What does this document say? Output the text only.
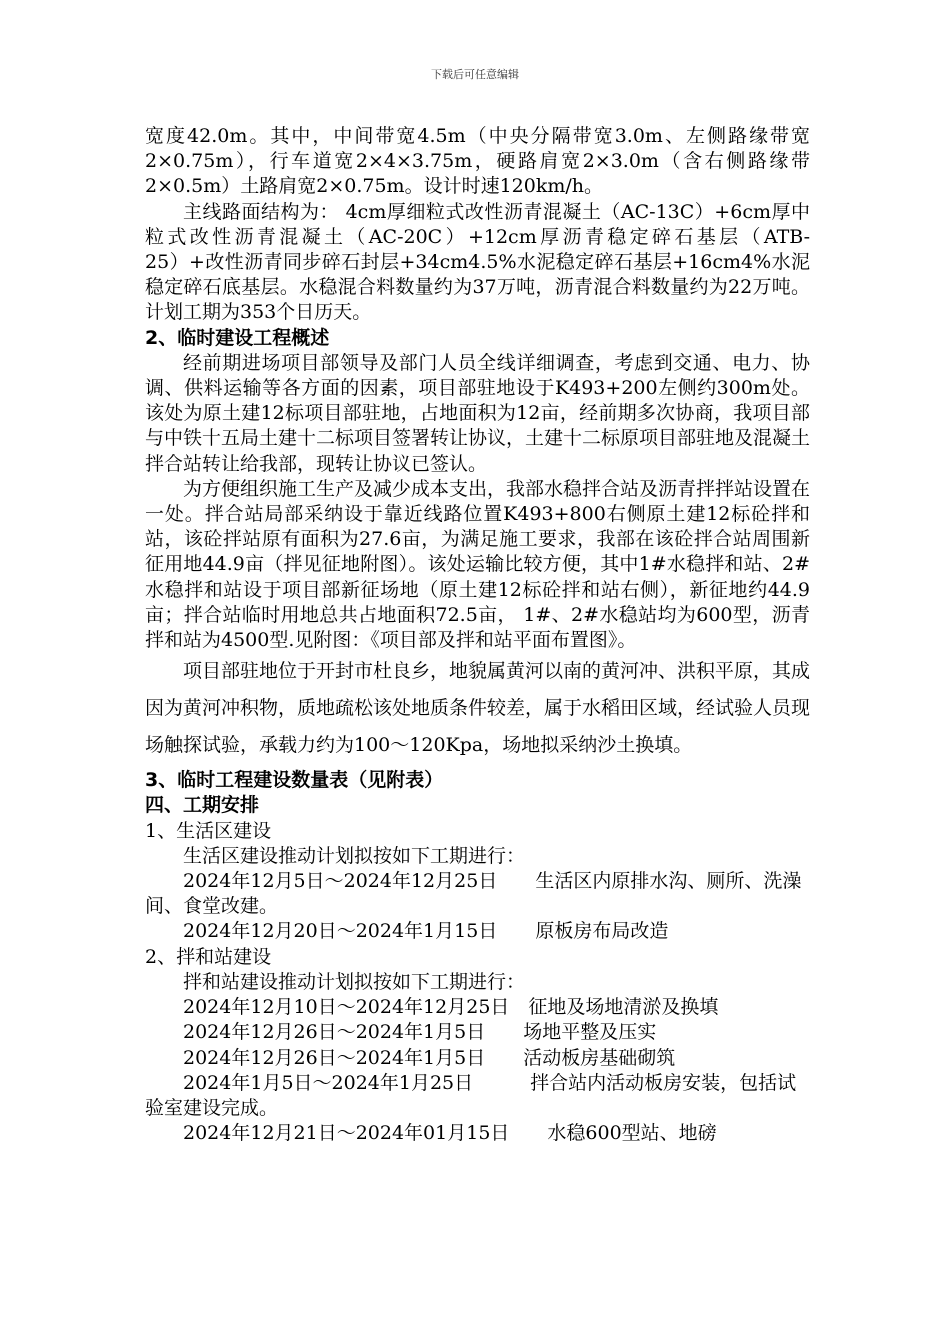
下载后可任意编辑

宽度42.0m。其中，中间带宽4.5m（中央分隔带宽3.0m、左侧路缘带宽2×0.75m），行车道宽2×4×3.75m，硬路肩宽2×3.0m（含右侧路缘带2×0.5m）土路肩宽2×0.75m。设计时速120km/h。

主线路面结构为： 4cm厚细粒式改性沥青混凝土（AC-13C）+6cm厚中粒式改性沥青混凝土（AC-20C）+12cm厚沥青稳定碎石基层（ATB-25）+改性沥青同步碎石封层+34cm4.5%水泥稳定碎石基层+16cm4%水泥稳定碎石底基层。水稳混合料数量约为37万吨，沥青混合料数量约为22万吨。计划工期为353个日历天。

2、临时建设工程概述

经前期进场项目部领导及部门人员全线详细调查，考虑到交通、电力、协调、供料运输等各方面的因素，项目部驻地设于K493+200左侧约300m处。该处为原土建12标项目部驻地，占地面积为12亩，经前期多次协商，我项目部与中铁十五局土建十二标项目签署转让协议，土建十二标原项目部驻地及混凝土拌合站转让给我部，现转让协议已签认。

为方便组织施工生产及减少成本支出，我部水稳拌合站及沥青拌拌站设置在一处。拌合站局部采纳设于靠近线路位置K493+800右侧原土建12标砼拌和站，该砼拌站原有面积为27.6亩，为满足施工要求，我部在该砼拌合站周围新征用地44.9亩（拌见征地附图）。该处运输比较方便，其中1#水稳拌和站、2#水稳拌和站设于项目部新征场地（原土建12标砼拌和站右侧），新征地约44.9亩；拌合站临时用地总共占地面积72.5亩， 1#、2#水稳站均为600型，沥青拌和站为4500型.见附图：《项目部及拌和站平面布置图》。

项目部驻地位于开封市杜良乡，地貌属黄河以南的黄河冲、洪积平原，其成因为黄河冲积物，质地疏松该处地质条件较差，属于水稻田区域，经试验人员现场触探试验，承载力约为100～120Kpa，场地拟采纳沙土换填。

3、临时工程建设数量表（见附表）

四、工期安排

1、生活区建设

生活区建设推动计划拟按如下工期进行：

2024年12月5日～2024年12月25日　　生活区内原排水沟、厕所、洗澡间、食堂改建。

2024年12月20日～2024年1月15日　　原板房布局改造

2、拌和站建设

拌和站建设推动计划拟按如下工期进行：

2024年12月10日～2024年12月25日　征地及场地清淤及换填

2024年12月26日～2024年1月5日　　场地平整及压实

2024年12月26日～2024年1月5日　　活动板房基础砌筑

2024年1月5日～2024年1月25日　　　拌合站内活动板房安装，包括试验室建设完成。

2024年12月21日～2024年01月15日　　水稳600型站、地磅
